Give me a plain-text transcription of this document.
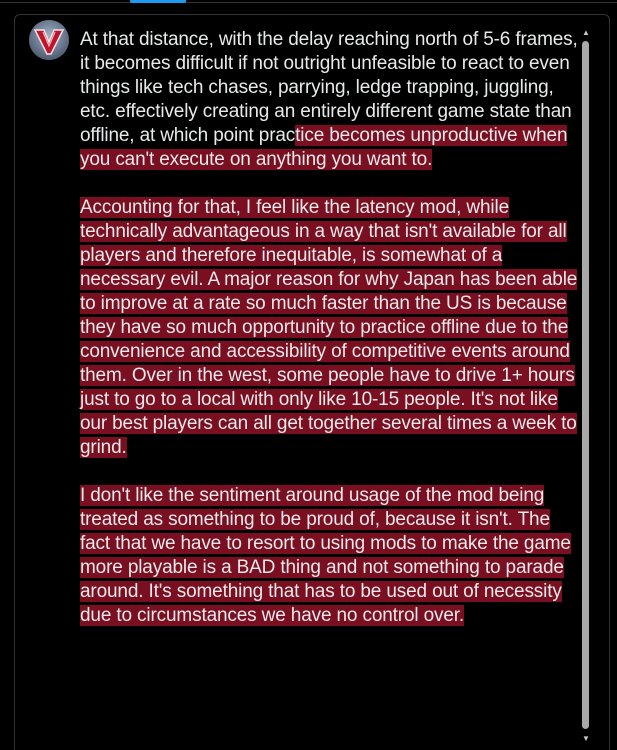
At that distance, with the delay reaching north of 5-6 frames, it becomes difficult if not outright unfeasible to react to even things like tech chases, parrying, ledge trapping, juggling, etc. effectively creating an entirely different game state than offline, at which point practice becomes unproductive when you can't execute on anything you want to.

Accounting for that, I feel like the latency mod, while technically advantageous in a way that isn't available for all players and therefore inequitable, is somewhat of a necessary evil. A major reason for why Japan has been able to improve at a rate so much faster than the US is because they have so much opportunity to practice offline due to the convenience and accessibility of competitive events around them. Over in the west, some people have to drive 1+ hours just to go to a local with only like 10-15 people. It's not like our best players can all get together several times a week to grind.

I don't like the sentiment around usage of the mod being treated as something to be proud of, because it isn't. The fact that we have to resort to using mods to make the game more playable is a BAD thing and not something to parade around. It's something that has to be used out of necessity due to circumstances we have no control over.

▲
▼
